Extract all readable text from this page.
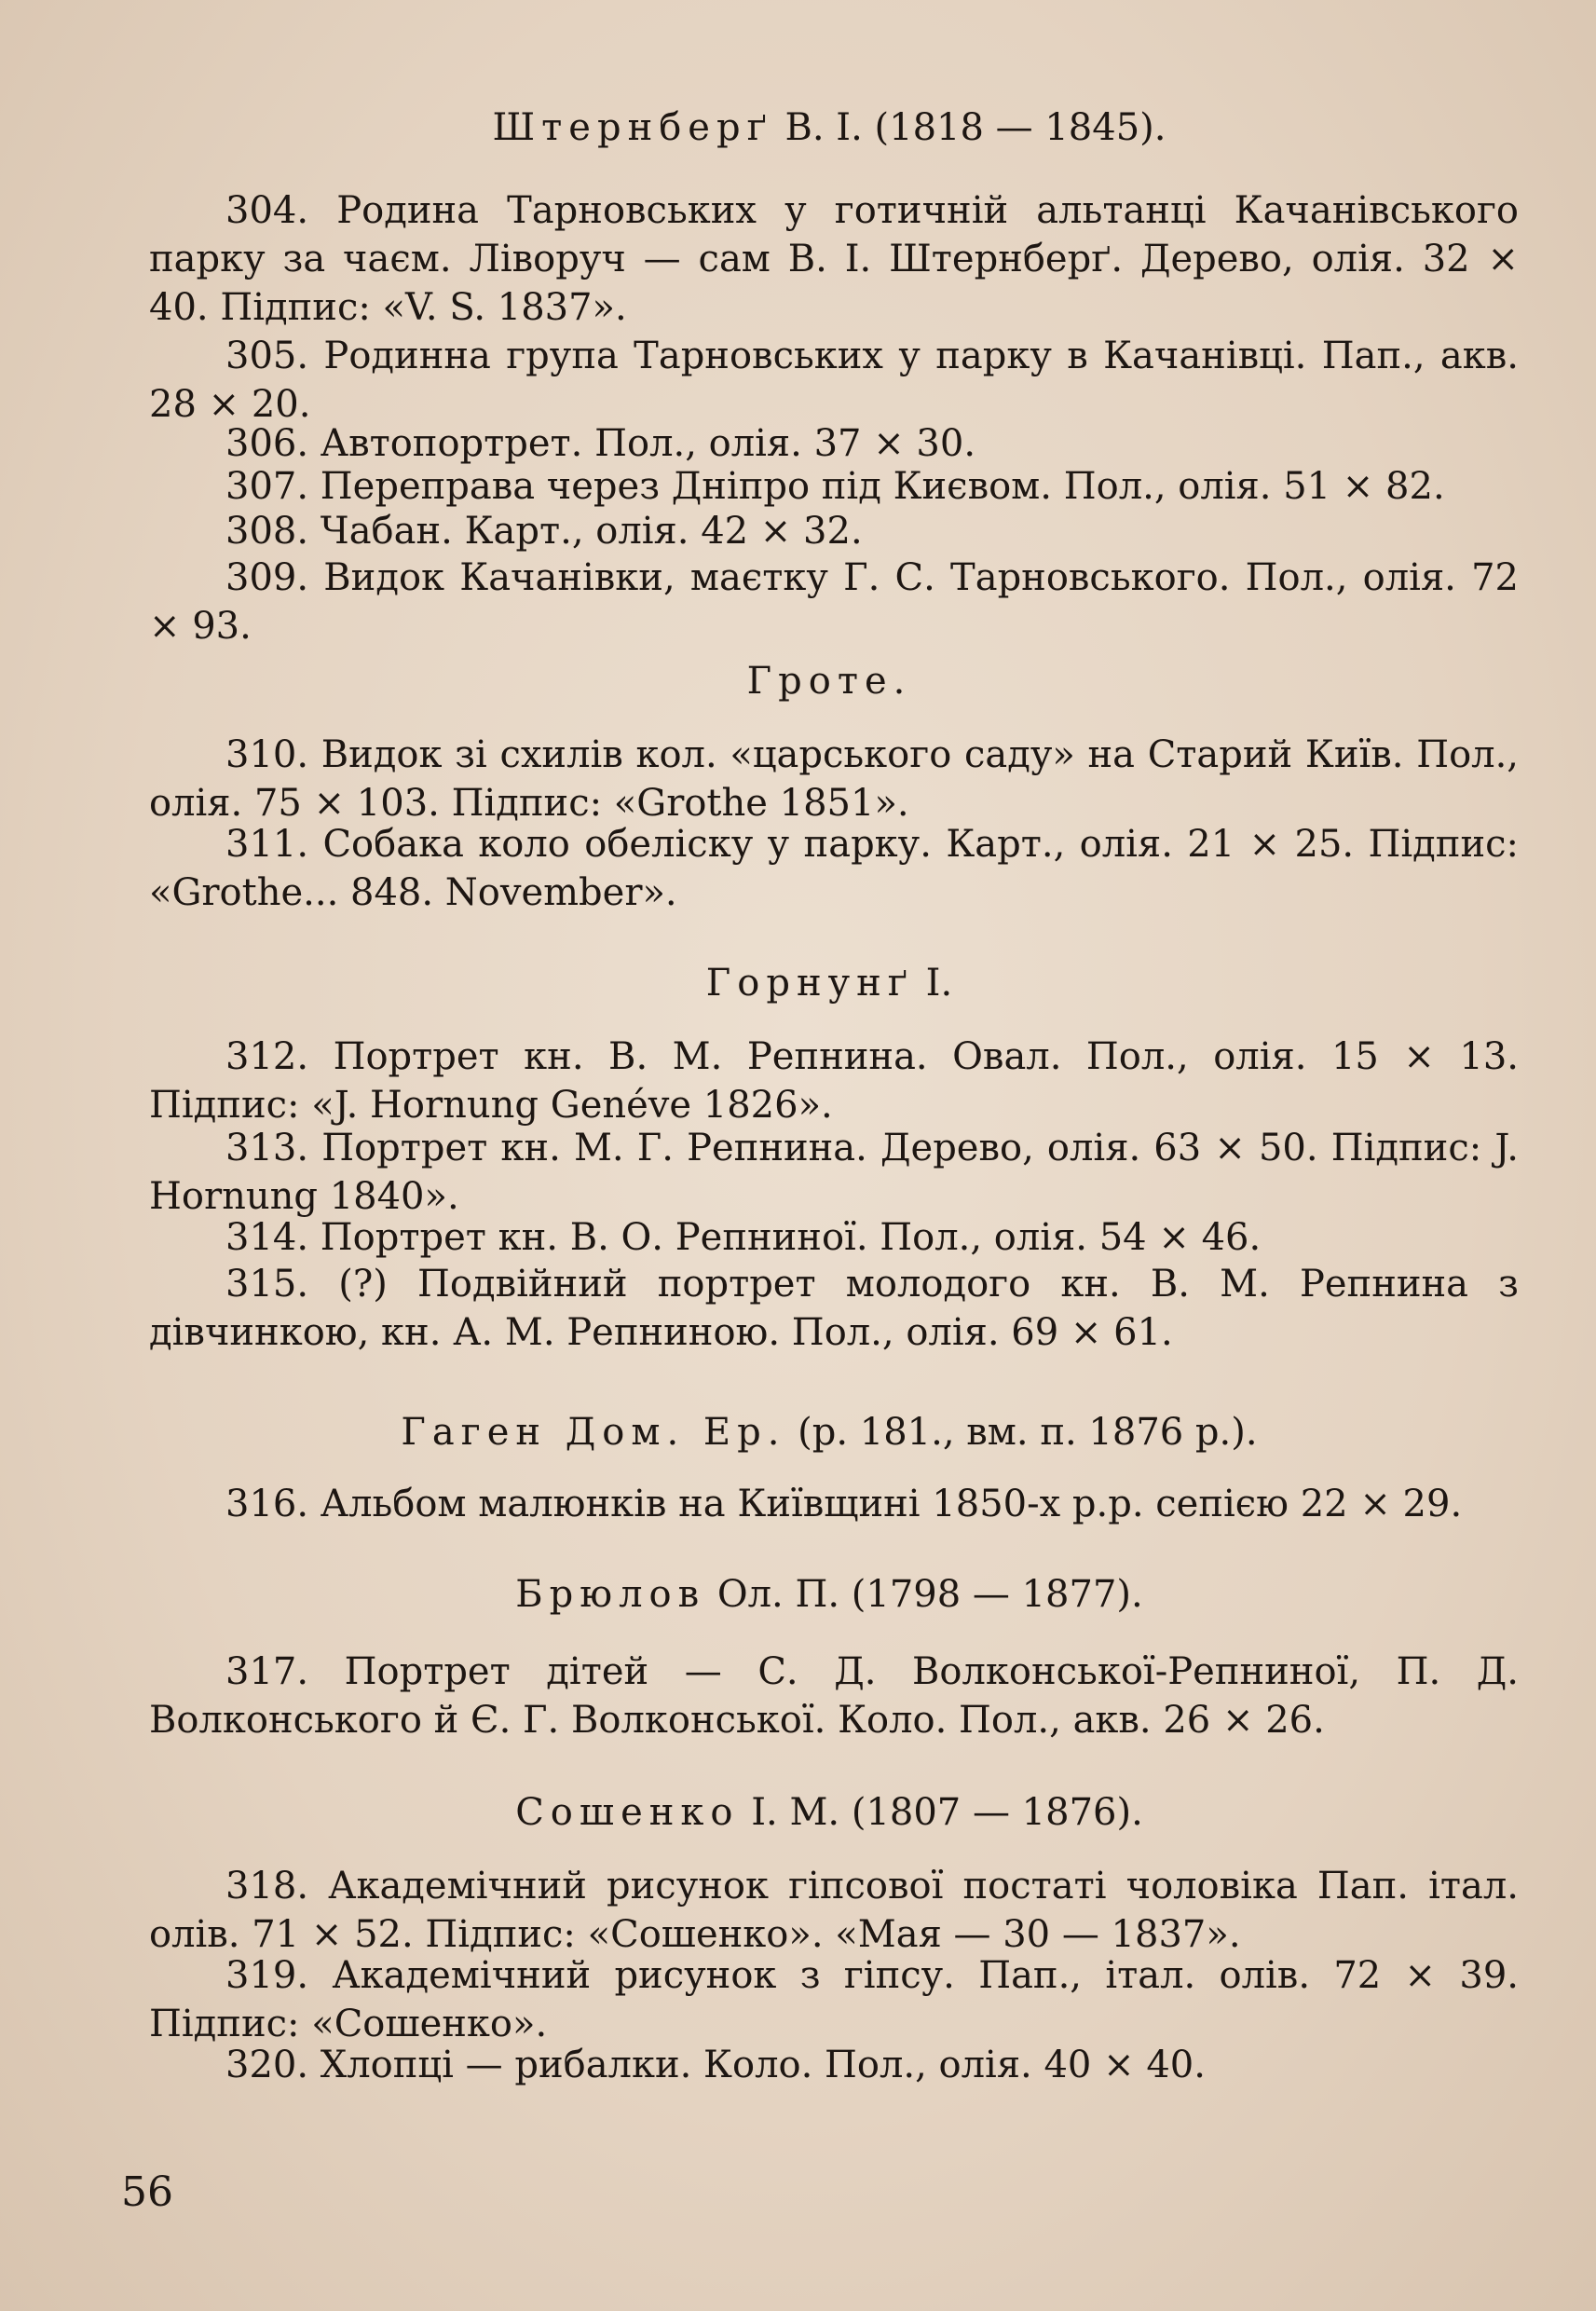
Штернберґ В. І. (1818 — 1845).
304. Родина Тарновських у готичній альтанці Качанівського парку за чаєм. Ліворуч — сам В. І. Штернберґ. Дерево, олія. 32 × 40. Підпис: «V. S. 1837».
305. Родинна група Тарновських у парку в Качанівці. Пап., акв. 28 × 20.
306. Автопортрет. Пол., олія. 37 × 30.
307. Переправа через Дніпро під Києвом. Пол., олія. 51 × 82.
308. Чабан. Карт., олія. 42 × 32.
309. Видок Качанівки, маєтку Г. С. Тарновського. Пол., олія. 72 × 93.
Гроте.
310. Видок зі схилів кол. «царського саду» на Старий Київ. Пол., олія. 75 × 103. Підпис: «Grothe 1851».
311. Собака коло обеліску у парку. Карт., олія. 21 × 25. Підпис: «Grothe... 848. November».
Горнунґ І.
312. Портрет кн. В. М. Репнина. Овал. Пол., олія. 15 × 13. Підпис: «J. Hornung Genéve 1826».
313. Портрет кн. М. Г. Репнина. Дерево, олія. 63 × 50. Підпис: J. Hornung 1840».
314. Портрет кн. В. О. Репниної. Пол., олія. 54 × 46.
315. (?) Подвійний портрет молодого кн. В. М. Репнина з дівчинкою, кн. А. М. Репниною. Пол., олія. 69 × 61.
Гаген Дом. Ер. (р. 181., вм. п. 1876 р.).
316. Альбом малюнків на Київщині 1850-х р.р. сепією 22 × 29.
Брюлов Ол. П. (1798 — 1877).
317. Портрет дітей — С. Д. Волконської-Репниної, П. Д. Волконського й Є. Г. Волконської. Коло. Пол., акв. 26 × 26.
Сошенко І. М. (1807 — 1876).
318. Академічний рисунок гіпсової постаті чоловіка Пап. італ. олів. 71 × 52. Підпис: «Сошенко». «Мая — 30 — 1837».
319. Академічний рисунок з гіпсу. Пап., італ. олів. 72 × 39. Підпис: «Сошенко».
320. Хлопці — рибалки. Коло. Пол., олія. 40 × 40.
56
